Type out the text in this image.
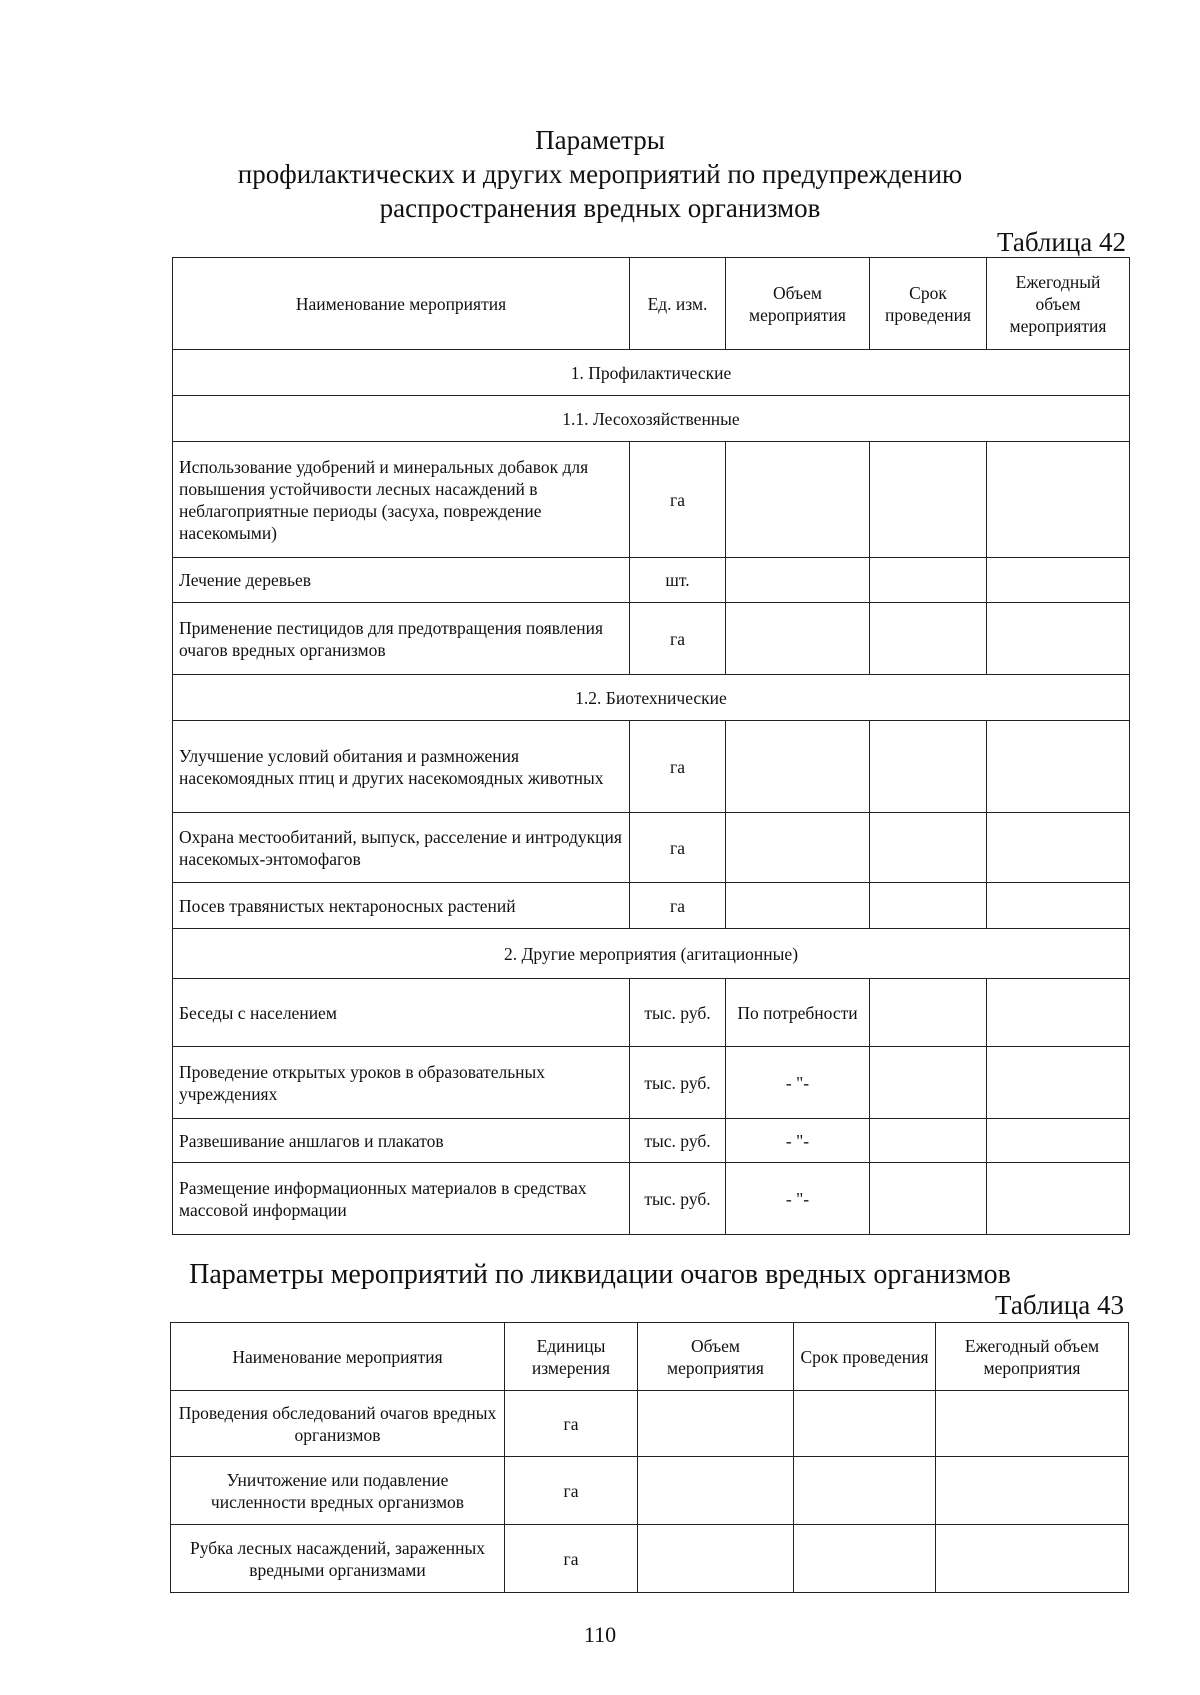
Параметры
профилактических и других мероприятий по предупреждению
распространения вредных организмов
Таблица 42
Наименование мероприятия	Ед. изм.	Объем мероприятия	Срок проведения	Ежегодный объем мероприятия
1. Профилактические				
1.1. Лесохозяйственные				
Использование удобрений и минеральных добавок для повышения устойчивости лесных насаждений в неблагоприятные периоды (засуха, повреждение насекомыми)	га			
Лечение деревьев	шт.			
Применение пестицидов для предотвращения появления очагов вредных организмов	га			
1.2. Биотехнические				
Улучшение условий обитания и размножения насекомоядных птиц и других насекомоядных животных	га			
Охрана местообитаний, выпуск, расселение и интродукция насекомых-энтомофагов	га			
Посев травянистых нектароносных растений	га			
2. Другие мероприятия (агитационные)				
Беседы с населением	тыс. руб.	По потребности		
Проведение открытых уроков в образовательных учреждениях	тыс. руб.	- "-		
Развешивание аншлагов и плакатов	тыс. руб.	- "-		
Размещение информационных материалов в средствах массовой информации	тыс. руб.	- "-		
Параметры мероприятий по ликвидации очагов вредных организмов
Таблица 43
Наименование мероприятия	Единицы измерения	Объем мероприятия	Срок проведения	Ежегодный объем мероприятия
Проведения обследований очагов вредных организмов	га			
Уничтожение или подавление численности вредных организмов	га			
Рубка лесных насаждений, зараженных вредными организмами	га			
110
